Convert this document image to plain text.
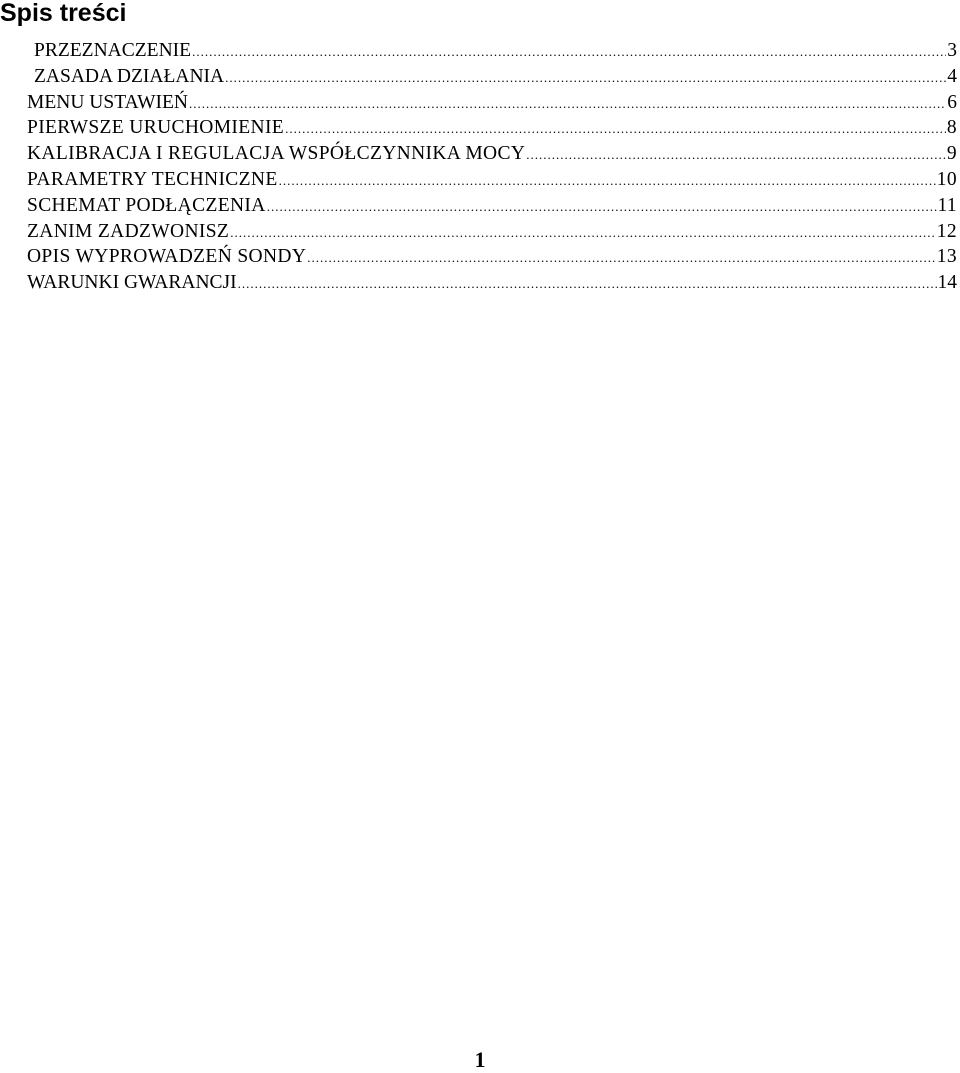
Spis treści
PRZEZNACZENIE .....	3
ZASADA DZIAŁANIA .....	4
MENU USTAWIEŃ .....	6
PIERWSZE URUCHOMIENIE .....	8
KALIBRACJA I REGULACJA WSPÓŁCZYNNIKA MOCY .....	9
PARAMETRY TECHNICZNE .....	10
SCHEMAT PODŁĄCZENIA .....	11
ZANIM ZADZWONISZ .....	12
OPIS WYPROWADZEŃ SONDY .....	13
WARUNKI GWARANCJI .....	14

1
